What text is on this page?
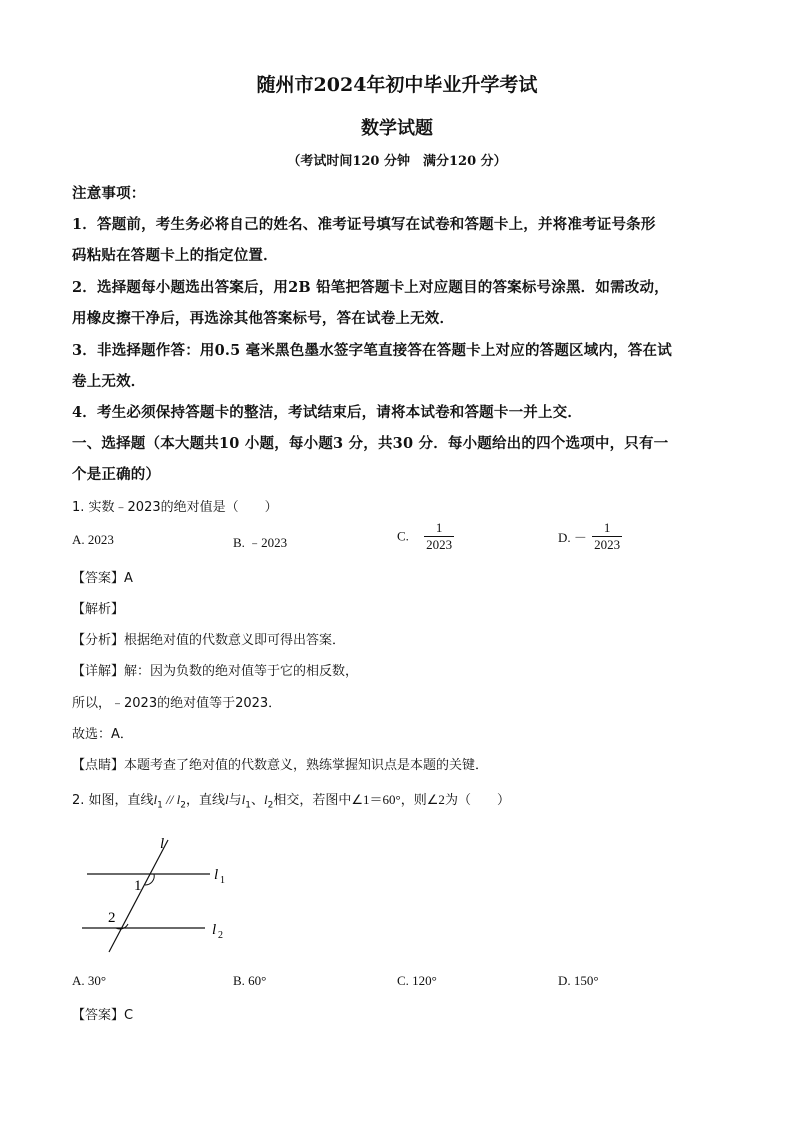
随州市2024年初中毕业升学考试
数学试题
（考试时间120 分钟　满分120 分）
注意事项：
1．答题前，考生务必将自己的姓名、准考证号填写在试卷和答题卡上，并将准考证号条形
码粘贴在答题卡上的指定位置．
2．选择题每小题选出答案后，用2B 铅笔把答题卡上对应题目的答案标号涂黑．如需改动，
用橡皮擦干净后，再选涂其他答案标号，答在试卷上无效．
3．非选择题作答：用0.5 毫米黑色墨水签字笔直接答在答题卡上对应的答题区域内，答在试
卷上无效．
4．考生必须保持答题卡的整洁，考试结束后，请将本试卷和答题卡一并上交．
一、选择题（本大题共10 小题，每小题3 分，共30 分．每小题给出的四个选项中，只有一
个是正确的）
1. 实数﹣2023的绝对值是（　　）
A. 2023	B. ﹣2023	C. $\frac{1}{2023}$	D. － $\frac{1}{2023}$
【答案】A
【解析】
【分析】根据绝对值的代数意义即可得出答案．
【详解】解：因为负数的绝对值等于它的相反数，
所以，﹣2023的绝对值等于2023．
故选：A．
【点睛】本题考查了绝对值的代数意义，熟练掌握知识点是本题的关键．
2. 如图，直线$l_1 // l_2$，直线l与$l_1$、$l_2$相交，若图中∠1＝60°，则∠2为（　　）
l
l 1
l 2
1
2
A. 30°	B. 60°	C. 120°	D. 150°
【答案】C
